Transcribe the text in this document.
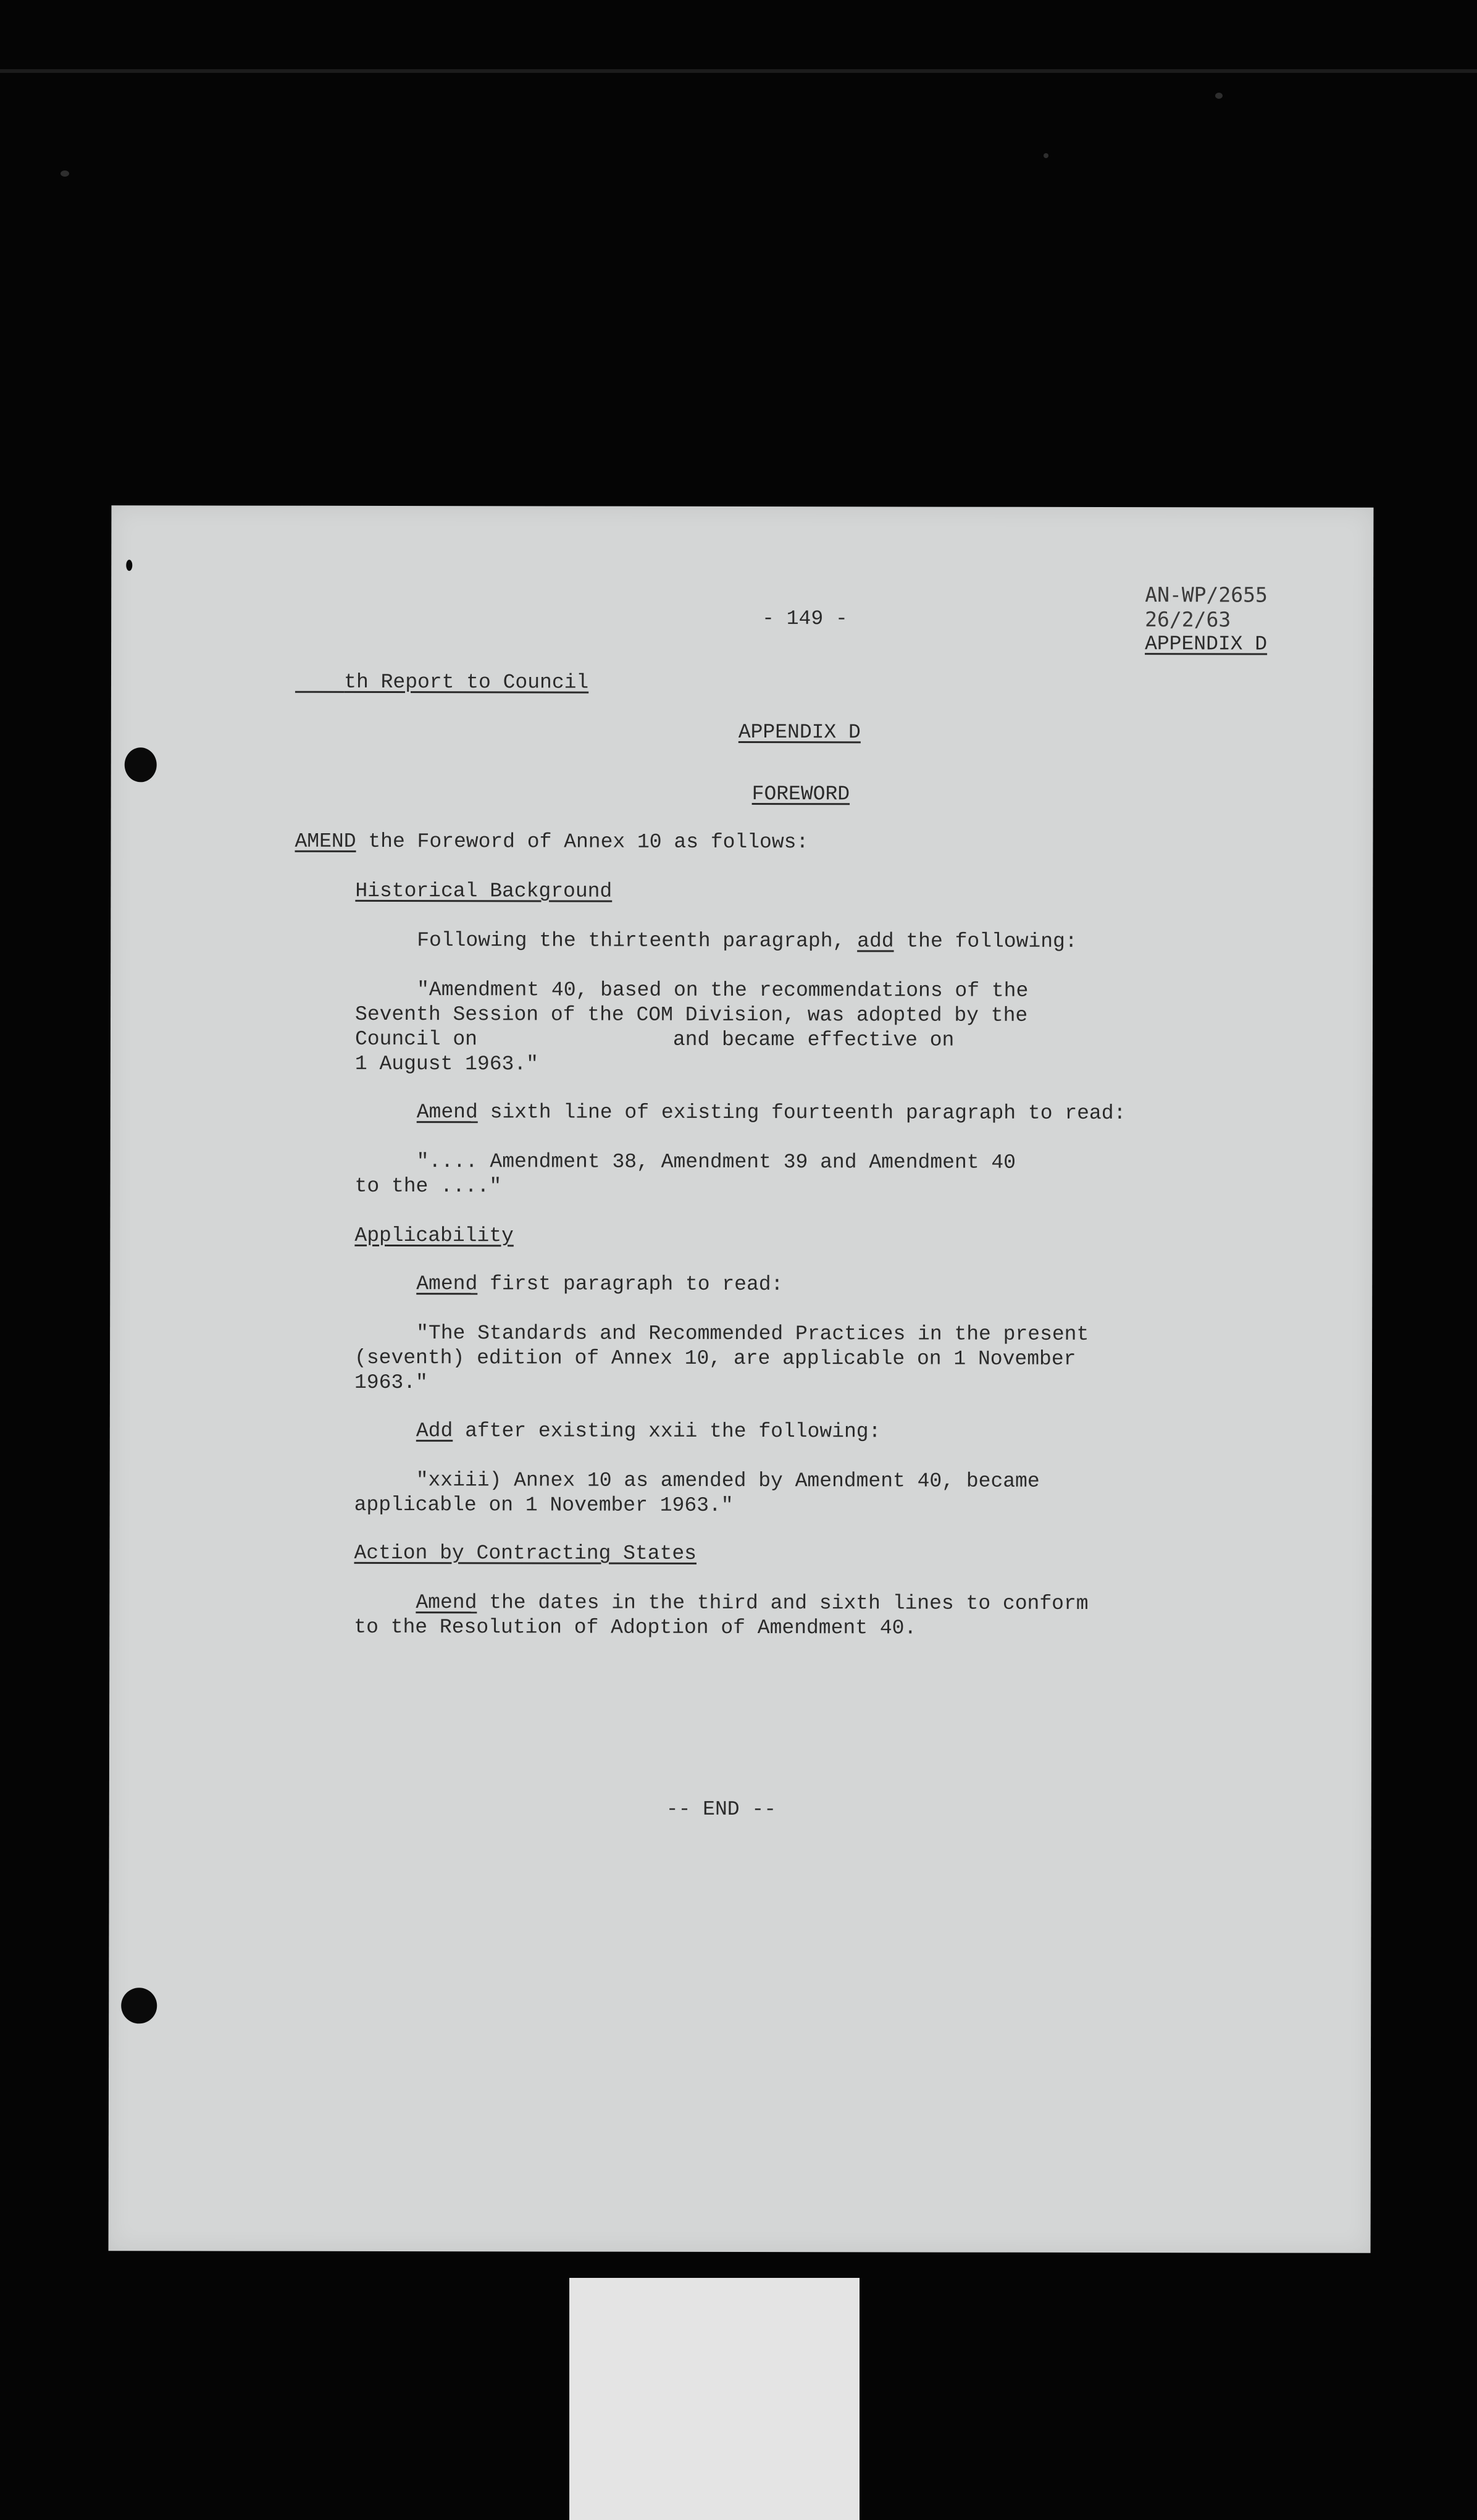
- 149 -

AN-WP/2655

26/2/63

APPENDIX D

th Report to Council

APPENDIX D

FOREWORD

AMEND the Foreword of Annex 10 as follows:

Historical Background

Following the thirteenth paragraph, add the following:

"Amendment 40, based on the recommendations of the

Seventh Session of the COM Division, was adopted by the

Council on                and became effective on

1 August 1963."

Amend sixth line of existing fourteenth paragraph to read:

".... Amendment 38, Amendment 39 and Amendment 40

to the ...."

Applicability

Amend first paragraph to read:

"The Standards and Recommended Practices in the present

(seventh) edition of Annex 10, are applicable on 1 November

1963."

Add after existing xxii the following:

"xxiii) Annex 10 as amended by Amendment 40, became

applicable on 1 November 1963."

Action by Contracting States

Amend the dates in the third and sixth lines to conform

to the Resolution of Adoption of Amendment 40.

-- END --
